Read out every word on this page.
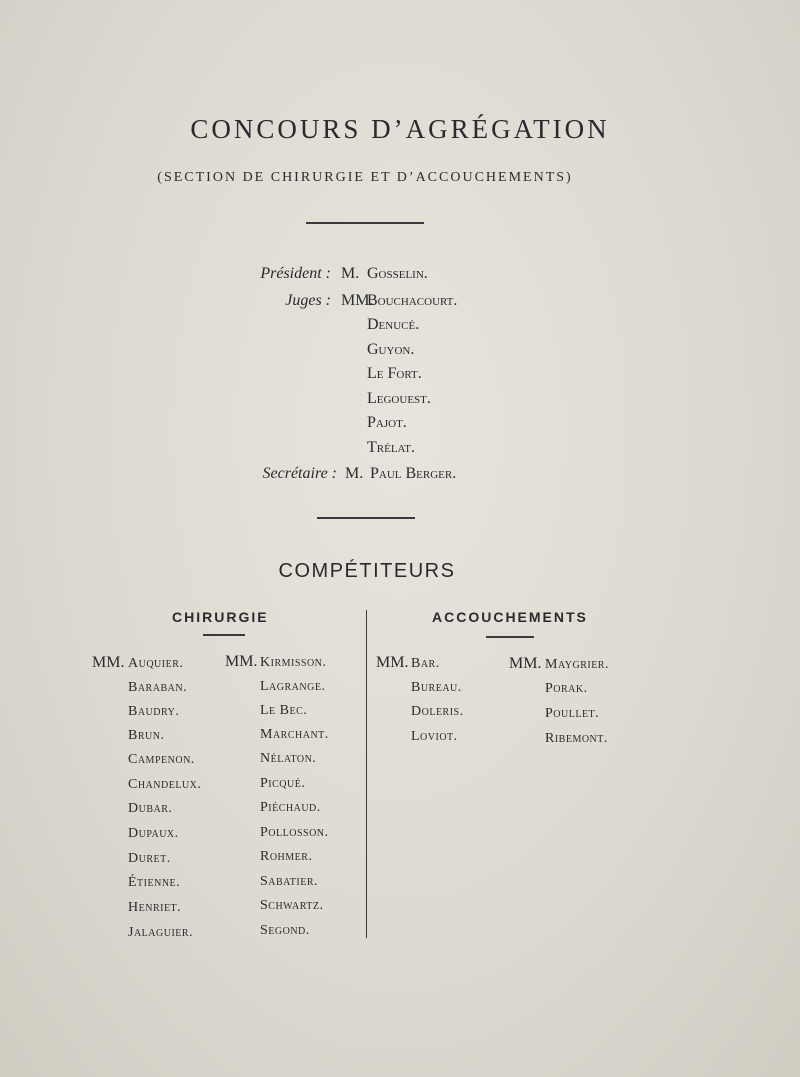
CONCOURS D’AGRÉGATION
(SECTION DE CHIRURGIE ET D’ACCOUCHEMENTS)
Président : M. Gosselin.
Juges : MM.
Bouchacourt.
Denucé.
Guyon.
Le Fort.
Legouest.
Pajot.
Trélat.
Secrétaire : M. Paul Berger.
COMPÉTITEURS
CHIRURGIE	ACCOUCHEMENTS
MM. Auquier.
Baraban.
Baudry.
Brun.
Campenon.
Chandelux.
Dubar.
Dupaux.
Duret.
Étienne.
Henriet.
Jalaguier.
MM. Kirmisson.
Lagrange.
Le Bec.
Marchant.
Nélaton.
Picqué.
Piéchaud.
Pollosson.
Rohmer.
Sabatier.
Schwartz.
Segond.
MM. Bar.
Bureau.
Doleris.
Loviot.
MM. Maygrier.
Porak.
Poullet.
Ribemont.
